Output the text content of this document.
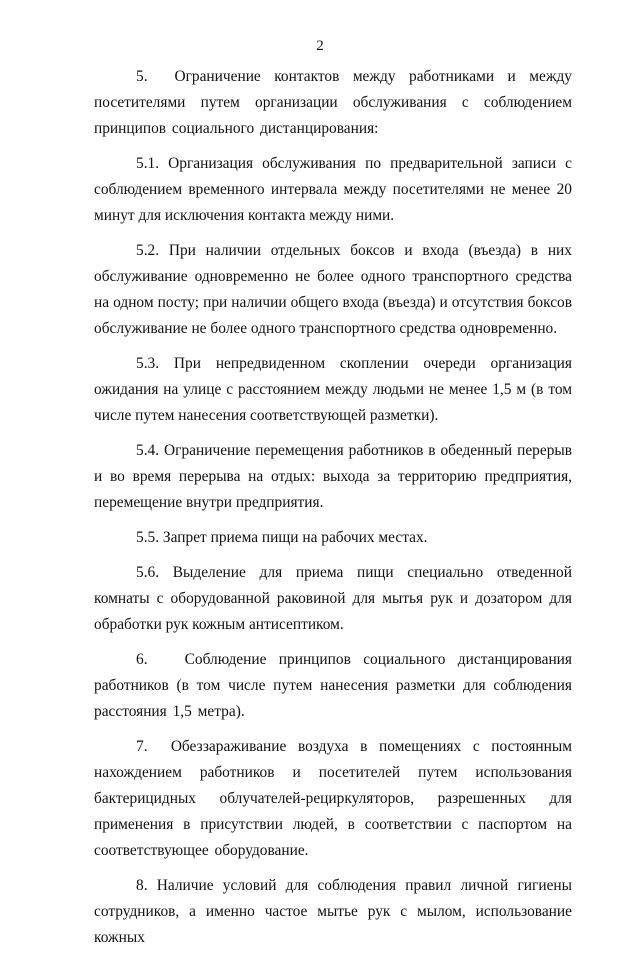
2

5.  Ограничение контактов между работниками и между посетителями путем организации обслуживания с соблюдением принципов социального дистанцирования:

5.1. Организация обслуживания по предварительной записи с соблюдением временного интервала между посетителями не менее 20 минут для исключения контакта между ними.

5.2. При наличии отдельных боксов и входа (въезда) в них обслуживание одновременно не более одного транспортного средства на одном посту; при наличии общего входа (въезда) и отсутствия боксов обслуживание не более одного транспортного средства одновременно.

5.3. При непредвиденном скоплении очереди организация ожидания на улице с расстоянием между людьми не менее 1,5 м (в том числе путем нанесения соответствующей разметки).

5.4. Ограничение перемещения работников в обеденный перерыв и во время перерыва на отдых: выхода за территорию предприятия, перемещение внутри предприятия.

5.5. Запрет приема пищи на рабочих местах.

5.6. Выделение для приема пищи специально отведенной комнаты с оборудованной раковиной для мытья рук и дозатором для обработки рук кожным антисептиком.

6.   Соблюдение принципов социального дистанцирования работников (в том числе путем нанесения разметки для соблюдения расстояния 1,5 метра).

7.  Обеззараживание воздуха в помещениях с постоянным нахождением работников и посетителей путем использования бактерицидных облучателей-рециркуляторов, разрешенных для применения в присутствии людей, в соответствии с паспортом на соответствующее оборудование.

8. Наличие условий для соблюдения правил личной гигиены сотрудников, а именно частое мытье рук с мылом, использование кожных
